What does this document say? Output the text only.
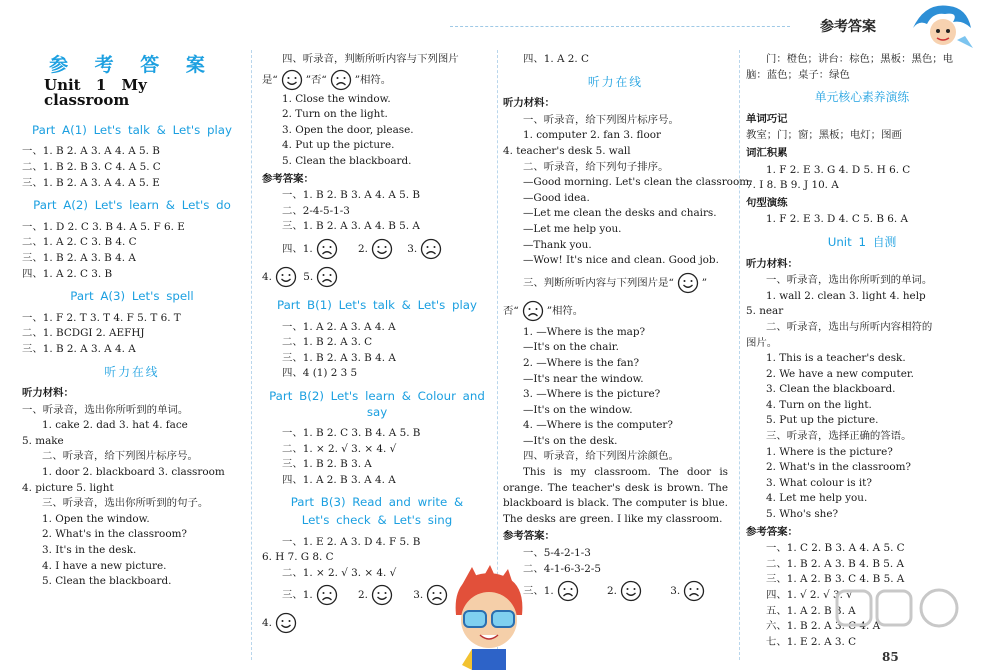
参考答案
参 考 答 案
Unit 1 My classroom
Part A(1) Let's talk & Let's play
一、1. B 2. A 3. A 4. A 5. B
二、1. B 2. B 3. C 4. A 5. C
三、1. B 2. A 3. A 4. A 5. E
Part A(2) Let's learn & Let's do
一、1. D 2. C 3. B 4. A 5. F 6. E
二、1. A 2. C 3. B 4. C
三、1. B 2. A 3. B 4. A
四、1. A 2. C 3. B
Part A(3) Let's spell
一、1. F 2. T 3. T 4. F 5. T 6. T
二、1. BCDGI 2. AEFHJ
三、1. B 2. A 3. A 4. A
听力在线
听力材料：
一、听录音，选出你所听到的单词。
1. cake 2. dad 3. hat 4. face
5. make
二、听录音，给下列图片标序号。
1. door 2. blackboard 3. classroom
4. picture 5. light
三、听录音，选出你所听到的句子。
1. Open the window.
2. What's in the classroom?
3. It's in the desk.
4. I have a new picture.
5. Clean the blackboard.
四、听录音，判断所听内容与下列图片
是“	”否“	”相符。
1. Close the window.
2. Turn on the light.
3. Open the door, please.
4. Put up the picture.
5. Clean the blackboard.
参考答案：
一、1. B 2. B 3. A 4. A 5. B
二、2-4-5-1-3
三、1. B 2. A 3. A 4. B 5. A
四、1.	2.	3.
4.	5.
Part B(1) Let's talk & Let's play
一、1. A 2. A 3. A 4. A
二、1. B 2. A 3. C
三、1. B 2. A 3. B 4. A
四、4 (1) 2 3 5
Part B(2) Let's learn & Colour and say
一、1. B 2. C 3. B 4. A 5. B
二、1. × 2. √ 3. × 4. √
三、1. B 2. B 3. A
四、1. A 2. B 3. A 4. A
Part B(3) Read and write &
Let's check & Let's sing
一、1. E 2. A 3. D 4. F 5. B
6. H 7. G 8. C
二、1. × 2. √ 3. × 4. √
三、1.	2.	3.
4.
四、1. A 2. C
听力在线
听力材料：
一、听录音，给下列图片标序号。
1. computer 2. fan 3. floor
4. teacher's desk 5. wall
二、听录音，给下列句子排序。
—Good morning. Let's clean the classroom.
—Good idea.
—Let me clean the desks and chairs.
—Let me help you.
—Thank you.
—Wow! It's nice and clean. Good job.
三、判断所听内容与下列图片是“	”
否“	”相符。
1. —Where is the map?
—It's on the chair.
2. —Where is the fan?
—It's near the window.
3. —Where is the picture?
—It's on the window.
4. —Where is the computer?
—It's on the desk.
四、听录音，给下列图片涂颜色。
This is my classroom. The door is orange. The teacher's desk is brown. The blackboard is black. The computer is blue. The desks are green. I like my classroom.
参考答案：
一、5-4-2-1-3
二、4-1-6-3-2-5
三、1.	2.	3.
门：橙色；讲台：棕色；黑板：黑色；电
脑：蓝色；桌子：绿色
单元核心素养演练
单词巧记
教室；门；窗；黑板；电灯；图画
词汇积累
1. F 2. E 3. G 4. D 5. H 6. C
7. I 8. B 9. J 10. A
句型演练
1. F 2. E 3. D 4. C 5. B 6. A
Unit 1 自测
听力材料：
一、听录音，选出你所听到的单词。
1. wall 2. clean 3. light 4. help
5. near
二、听录音，选出与所听内容相符的
图片。
1. This is a teacher's desk.
2. We have a new computer.
3. Clean the blackboard.
4. Turn on the light.
5. Put up the picture.
三、听录音，选择正确的答语。
1. Where is the picture?
2. What's in the classroom?
3. What colour is it?
4. Let me help you.
5. Who's she?
参考答案：
一、1. C 2. B 3. A 4. A 5. C
二、1. B 2. A 3. B 4. B 5. A
三、1. A 2. B 3. C 4. B 5. A
四、1. √ 2. √ 3. √
五、1. A 2. B 3. A
六、1. B 2. A 3. C 4. A
七、1. E 2. A 3. C
85
